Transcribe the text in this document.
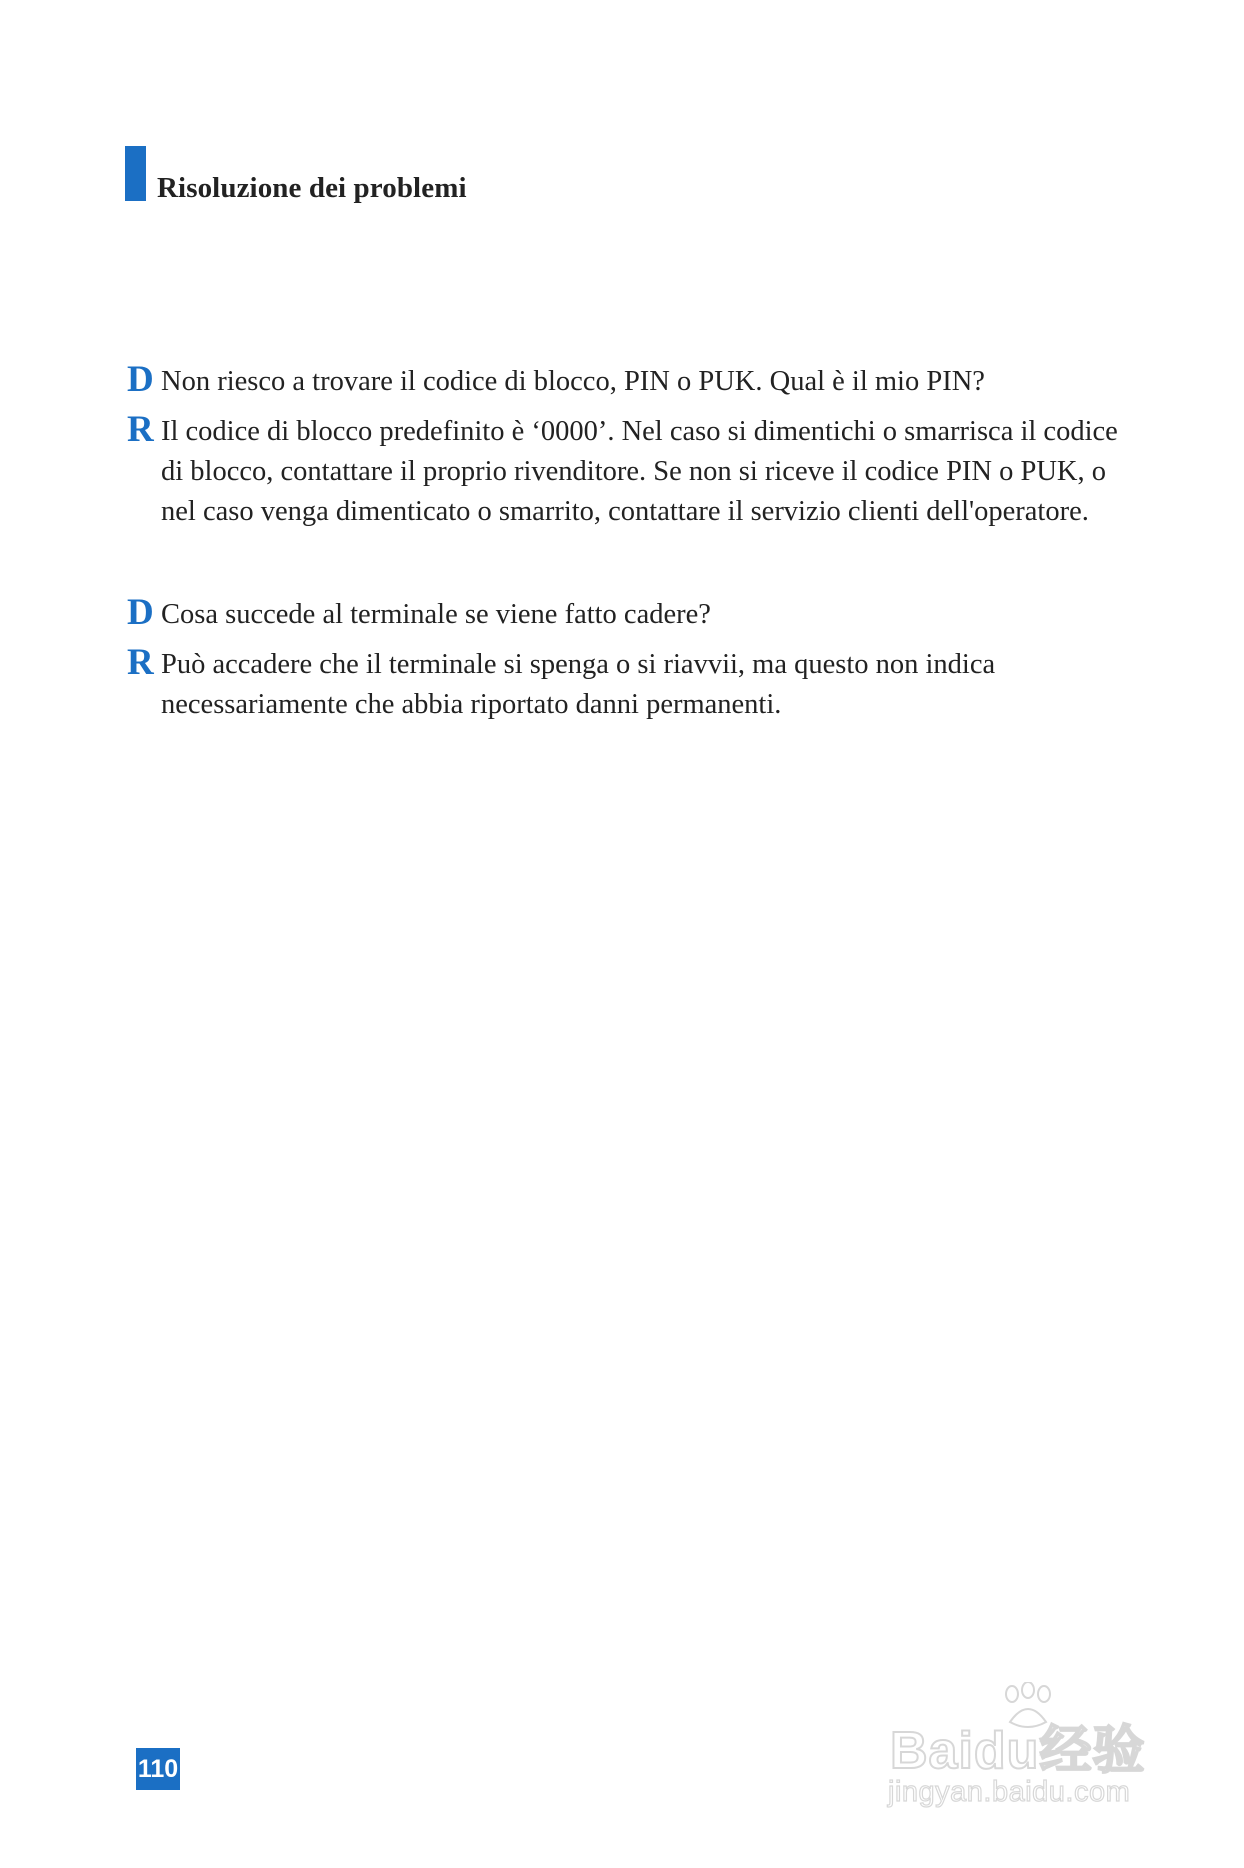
Risoluzione dei problemi
D Non riesco a trovare il codice di blocco, PIN o PUK. Qual è il mio PIN?
R Il codice di blocco predefinito è ‘0000’. Nel caso si dimentichi o smarrisca il codice
di blocco, contattare il proprio rivenditore. Se non si riceve il codice PIN o PUK, o
nel caso venga dimenticato o smarrito, contattare il servizio clienti dell'operatore.
D Cosa succede al terminale se viene fatto cadere?
R Può accadere che il terminale si spenga o si riavvii, ma questo non indica
necessariamente che abbia riportato danni permanenti.
110	Baidu经验
jingyan.baidu.com
